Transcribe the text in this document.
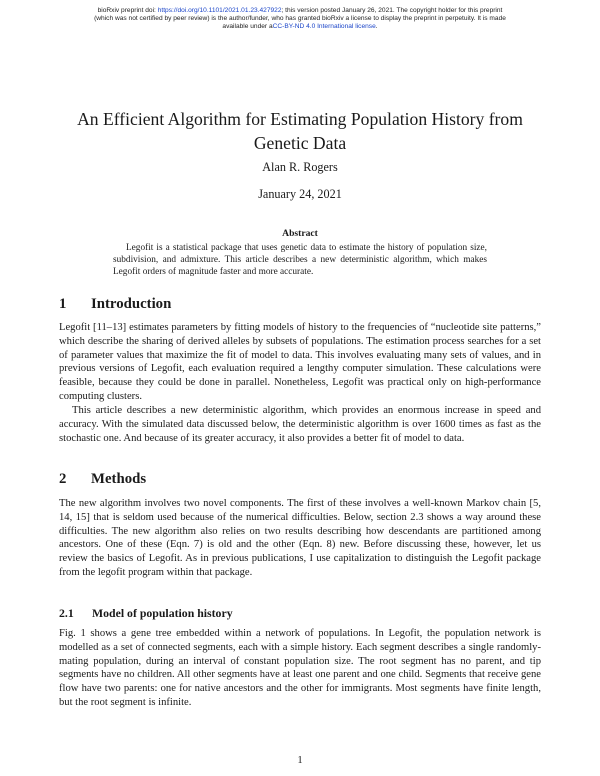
bioRxiv preprint doi: https://doi.org/10.1101/2021.01.23.427922; this version posted January 26, 2021. The copyright holder for this preprint
(which was not certified by peer review) is the author/funder, who has granted bioRxiv a license to display the preprint in perpetuity. It is made
available under aCC-BY-ND 4.0 International license.
An Efficient Algorithm for Estimating Population History from Genetic Data
Alan R. Rogers
January 24, 2021
Abstract
Legofit is a statistical package that uses genetic data to estimate the history of population size, subdivision, and admixture. This article describes a new deterministic algorithm, which makes Legofit orders of magnitude faster and more accurate.
1 Introduction

Legofit [11–13] estimates parameters by fitting models of history to the frequencies of “nucleotide site patterns,” which describe the sharing of derived alleles by subsets of populations. The estimation process searches for a set of parameter values that maximize the fit of model to data. This involves evaluating many sets of values, and in previous versions of Legofit, each evaluation required a lengthy computer simulation. These calculations were feasible, because they could be done in parallel. Nonetheless, Legofit was practical only on high-performance computing clusters.

This article describes a new deterministic algorithm, which provides an enormous increase in speed and accuracy. With the simulated data discussed below, the deterministic algorithm is over 1600 times as fast as the stochastic one. And because of its greater accuracy, it also provides a better fit of model to data.

2 Methods

The new algorithm involves two novel components. The first of these involves a well-known Markov chain [5, 14, 15] that is seldom used because of the numerical difficulties. Below, section 2.3 shows a way around these difficulties. The new algorithm also relies on two results describing how descendants are partitioned among ancestors. One of these (Eqn. 7) is old and the other (Eqn. 8) new. Before discussing these, however, let us review the basics of Legofit. As in previous publications, I use capitalization to distinguish the Legofit package from the legofit program within that package.

2.1 Model of population history

Fig. 1 shows a gene tree embedded within a network of populations. In Legofit, the population network is modelled as a set of connected segments, each with a simple history. Each segment describes a single randomly-mating population, during an interval of constant population size. The root segment has no parent, and tip segments have no children. All other segments have at least one parent and one child. Segments that receive gene flow have two parents: one for native ancestors and the other for immigrants. Most segments have finite length, but the root segment is infinite.

1
